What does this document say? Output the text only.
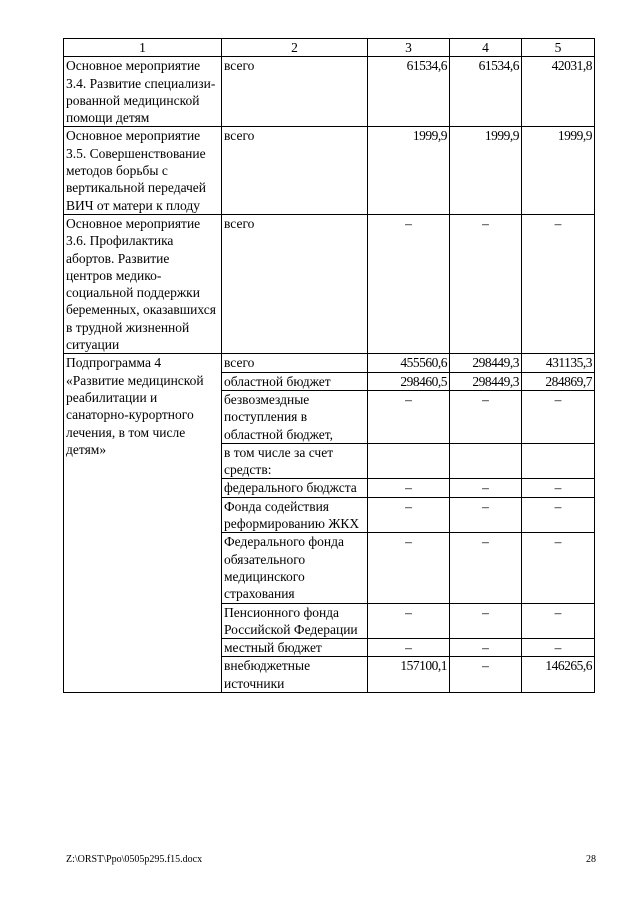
1	2	3	4	5
Основное мероприятие 3.4. Развитие специализи-рованной медицинской помощи детям	всего	61534,6	61534,6	42031,8
Основное мероприятие 3.5. Совершенствование методов борьбы с вертикальной передачей ВИЧ от матери к плоду	всего	1999,9	1999,9	1999,9
Основное мероприятие 3.6. Профилактика абортов. Развитие центров медико-социальной поддержки беременных, оказавшихся в трудной жизненной ситуации	всего	–	–	–
Подпрограмма 4 «Развитие медицинской реабилитации и санаторно-курортного лечения, в том числе детям»	всего	455560,6	298449,3	431135,3
	областной бюджет	298460,5	298449,3	284869,7
	безвозмездные поступления в областной бюджет,	–	–	–
	в том числе за счет средств:			
	федерального бюджста	–	–	–
	Фонда содействия реформированию ЖКХ	–	–	–
	Федерального фонда обязательного медицинского страхования	–	–	–
	Пенсионного фонда Российской Федерации	–	–	–
	местный бюджет	–	–	–
	внебюджетные источники	157100,1	–	146265,6
Z:\ORST\Ppo\0505p295.f15.docx	28
